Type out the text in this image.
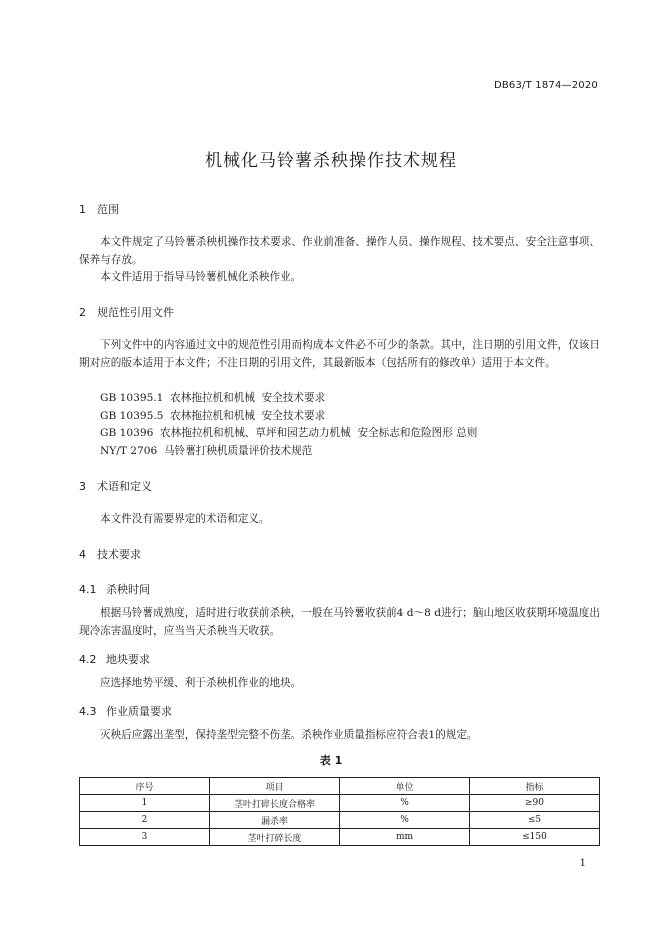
DB63/T 1874—2020
机械化马铃薯杀秧操作技术规程
1 范围
本文件规定了马铃薯杀秧机操作技术要求、作业前准备、操作人员、操作规程、技术要点、安全注意事项、保养与存放。
本文件适用于指导马铃薯机械化杀秧作业。
2 规范性引用文件
下列文件中的内容通过文中的规范性引用而构成本文件必不可少的条款。其中，注日期的引用文件，仅该日期对应的版本适用于本文件；不注日期的引用文件，其最新版本（包括所有的修改单）适用于本文件。
GB 10395.1  农林拖拉机和机械  安全技术要求
GB 10395.5  农林拖拉机和机械  安全技术要求
GB 10396  农林拖拉机和机械、草坪和园艺动力机械  安全标志和危险图形 总则
NY/T 2706  马铃薯打秧机质量评价技术规范
3 术语和定义
本文件没有需要界定的术语和定义。
4 技术要求
4.1 杀秧时间
根据马铃薯成熟度，适时进行收获前杀秧，一般在马铃薯收获前4 d～8 d进行；脑山地区收获期环境温度出现冷冻害温度时，应当当天杀秧当天收获。
4.2 地块要求
应选择地势平缓、利于杀秧机作业的地块。
4.3 作业质量要求
灭秧后应露出垄型，保持垄型完整不伤垄。杀秧作业质量指标应符合表1的规定。
表 1
序号	项目	单位	指标
1	茎叶打碎长度合格率	%	≥90
2	漏杀率	%	≤5
3	茎叶打碎长度	mm	≤150
1
